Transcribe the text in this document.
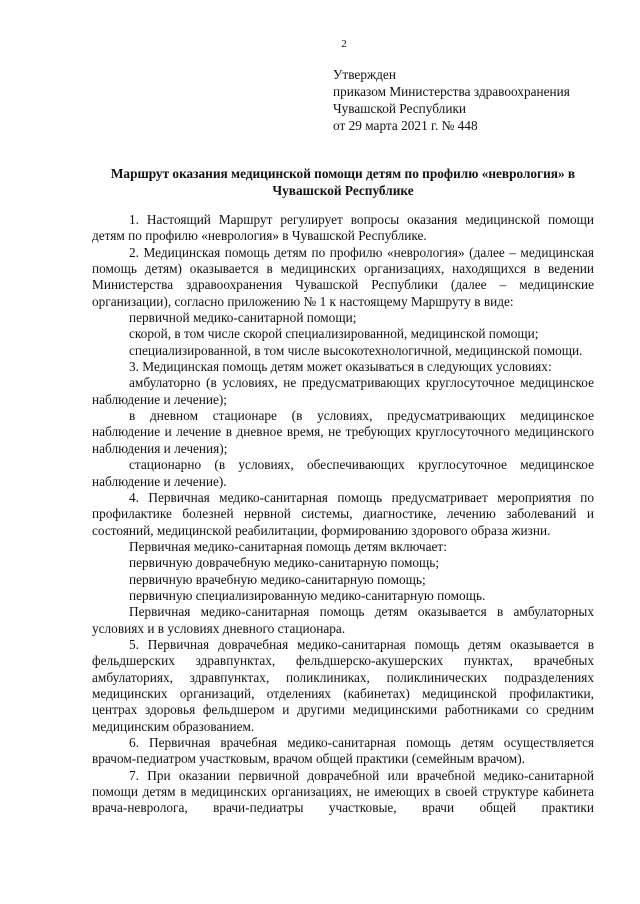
2
Утвержден
приказом Министерства здравоохранения
Чувашской Республики
от 29 марта 2021 г. № 448
Маршрут оказания медицинской помощи детям по профилю «неврология» в
Чувашской Республике

1. Настоящий Маршрут регулирует вопросы оказания медицинской помощи детям по профилю «неврология» в Чувашской Республике.

2. Медицинская помощь детям по профилю «неврология» (далее – медицинская помощь детям) оказывается в медицинских организациях, находящихся в ведении Министерства здравоохранения Чувашской Республики (далее – медицинские организации), согласно приложению № 1 к настоящему Маршруту в виде:

первичной медико-санитарной помощи;

скорой, в том числе скорой специализированной, медицинской помощи;

специализированной, в том числе высокотехнологичной, медицинской помощи.

3. Медицинская помощь детям может оказываться в следующих условиях:

амбулаторно (в условиях, не предусматривающих круглосуточное медицинское наблюдение и лечение);

в дневном стационаре (в условиях, предусматривающих медицинское наблюдение и лечение в дневное время, не требующих круглосуточного медицинского наблюдения и лечения);

стационарно (в условиях, обеспечивающих круглосуточное медицинское наблюдение и лечение).

4. Первичная медико-санитарная помощь предусматривает мероприятия по профилактике болезней нервной системы, диагностике, лечению заболеваний и состояний, медицинской реабилитации, формированию здорового образа жизни.

Первичная медико-санитарная помощь детям включает:

первичную доврачебную медико-санитарную помощь;

первичную врачебную медико-санитарную помощь;

первичную специализированную медико-санитарную помощь.

Первичная медико-санитарная помощь детям оказывается в амбулаторных условиях и в условиях дневного стационара.

5. Первичная доврачебная медико-санитарная помощь детям оказывается в фельдшерских здравпунктах, фельдшерско-акушерских пунктах, врачебных амбулаториях, здравпунктах, поликлиниках, поликлинических подразделениях медицинских организаций, отделениях (кабинетах) медицинской профилактики, центрах здоровья фельдшером и другими медицинскими работниками со средним медицинским образованием.

6. Первичная врачебная медико-санитарная помощь детям осуществляется врачом-педиатром участковым, врачом общей практики (семейным врачом).

7. При оказании первичной доврачебной или врачебной медико-санитарной помощи детям в медицинских организациях, не имеющих в своей структуре кабинета врача-невролога, врачи-педиатры участковые, врачи общей практики
